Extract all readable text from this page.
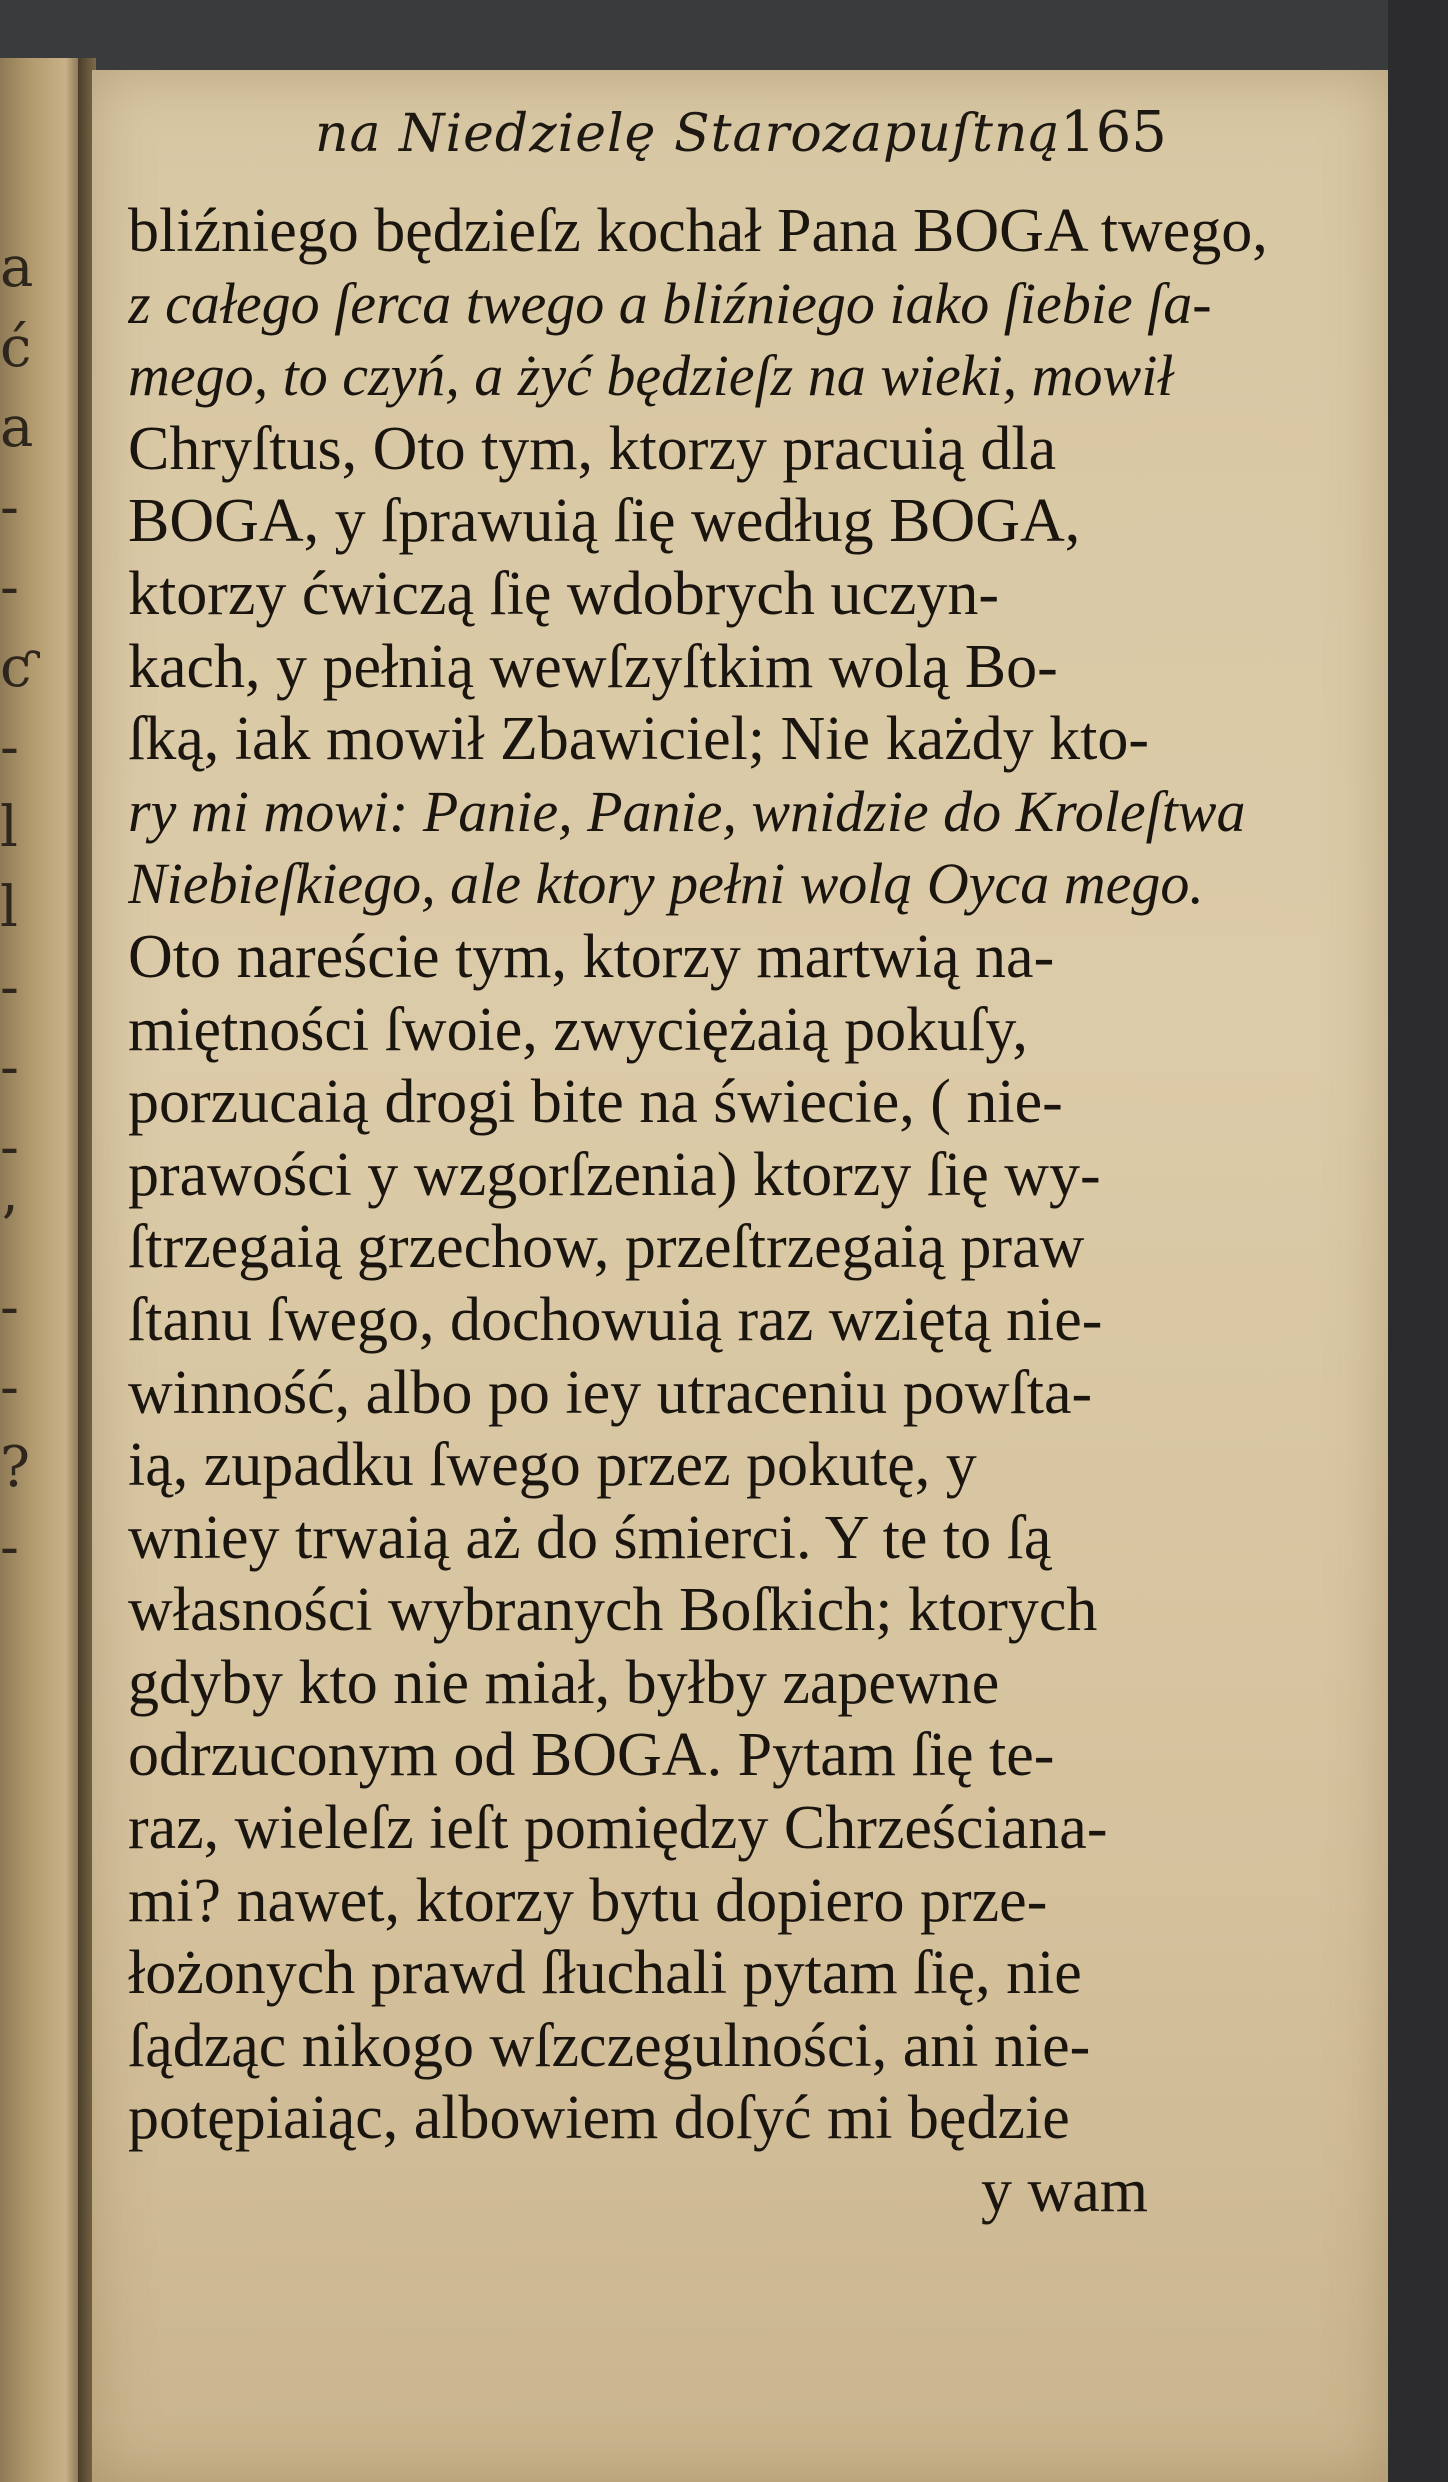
a
ć
a
-
-
ƈ
-
l
l
-
-
-
’
-
-
?
-
na Niedzielę Starozapuſtną 165
bliźniego będzieſz kochał Pana BOGA twego,
z całego ſerca twego a bliźniego iako ſiebie ſa-
mego, to czyń, a żyć będzieſz na wieki, mowił
Chryſtus, Oto tym, ktorzy pracuią dla
BOGA, y ſprawuią ſię według BOGA,
ktorzy ćwiczą ſię wdobrych uczyn-
kach, y pełnią wewſzyſtkim wolą Bo-
ſką, iak mowił Zbawiciel; Nie każdy kto-
ry mi mowi: Panie, Panie, wnidzie do Kroleſtwa
Niebieſkiego, ale ktory pełni wolą Oyca mego.
Oto nareście tym, ktorzy martwią na-
miętności ſwoie, zwyciężaią pokuſy,
porzucaią drogi bite na świecie, ( nie-
prawości y wzgorſzenia) ktorzy ſię wy-
ſtrzegaią grzechow, przeſtrzegaią praw
ſtanu ſwego, dochowuią raz wziętą nie-
winność, albo po iey utraceniu powſta-
ią, zupadku ſwego przez pokutę, y
wniey trwaią aż do śmierci. Y te to ſą
własności wybranych Boſkich; ktorych
gdyby kto nie miał, byłby zapewne
odrzuconym od BOGA. Pytam ſię te-
raz, wieleſz ieſt pomiędzy Chrześciana-
mi? nawet, ktorzy bytu dopiero prze-
łożonych prawd ſłuchali pytam ſię, nie
ſądząc nikogo wſzczegulności, ani nie-
potępiaiąc, albowiem doſyć mi będzie
y wam
